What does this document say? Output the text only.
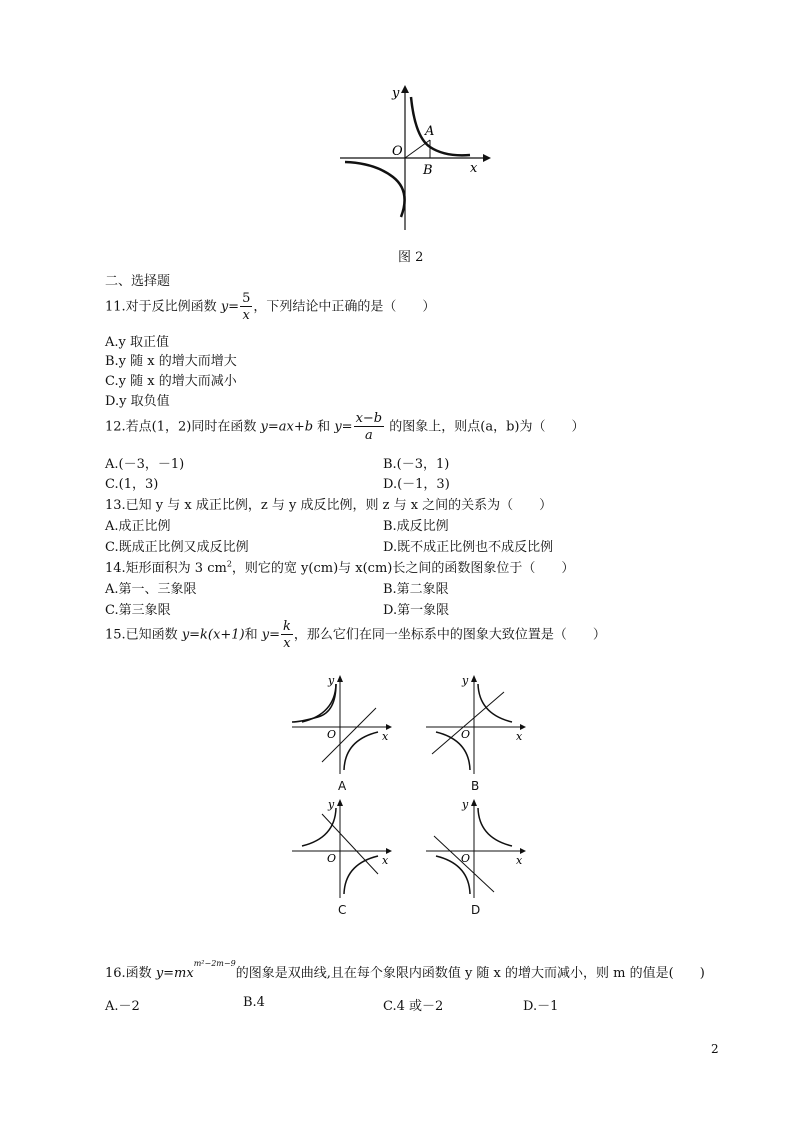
y
x
O
A
B
图 2
二、选择题
11.对于反比例函数 $y= \frac{5}{x}$ ，下列结论中正确的是（　　）
A.y 取正值
B.y 随 x 的增大而增大
C.y 随 x 的增大而减小
D.y 取负值
12.若点(1，2)同时在函数 y=ax+b 和 $y= \frac{x-b}{a}$ 的图象上，则点(a，b)为（　　）
A.(－3，－1)	B.(－3，1)
C.(1，3)	D.(－1，3)
13.已知 y 与 x 成正比例，z 与 y 成反比例，则 z 与 x 之间的关系为（　　）
A.成正比例	B.成反比例
C.既成正比例又成反比例	D.既不成正比例也不成反比例
14.矩形面积为 3 $cm^2$，则它的宽 y(cm)与 x(cm)长之间的函数图象位于（　　）
A.第一、三象限	B.第二象限
C.第三象限	D.第一象限
15.已知函数 y=k(x+1)和 $y= \frac{k}{x}$ ，那么它们在同一坐标系中的图象大致位置是（　　）
y
x
O
A
y
x
O
B
y
x
O
C
y
x
O
D
16.函数 $y=mx^{m^2-2m-9}$的图象是双曲线,且在每个象限内函数值 y 随 x 的增大而减小，则 m 的值是(　　)
A.－2	B.4	C.4 或－2	D.－1
2
